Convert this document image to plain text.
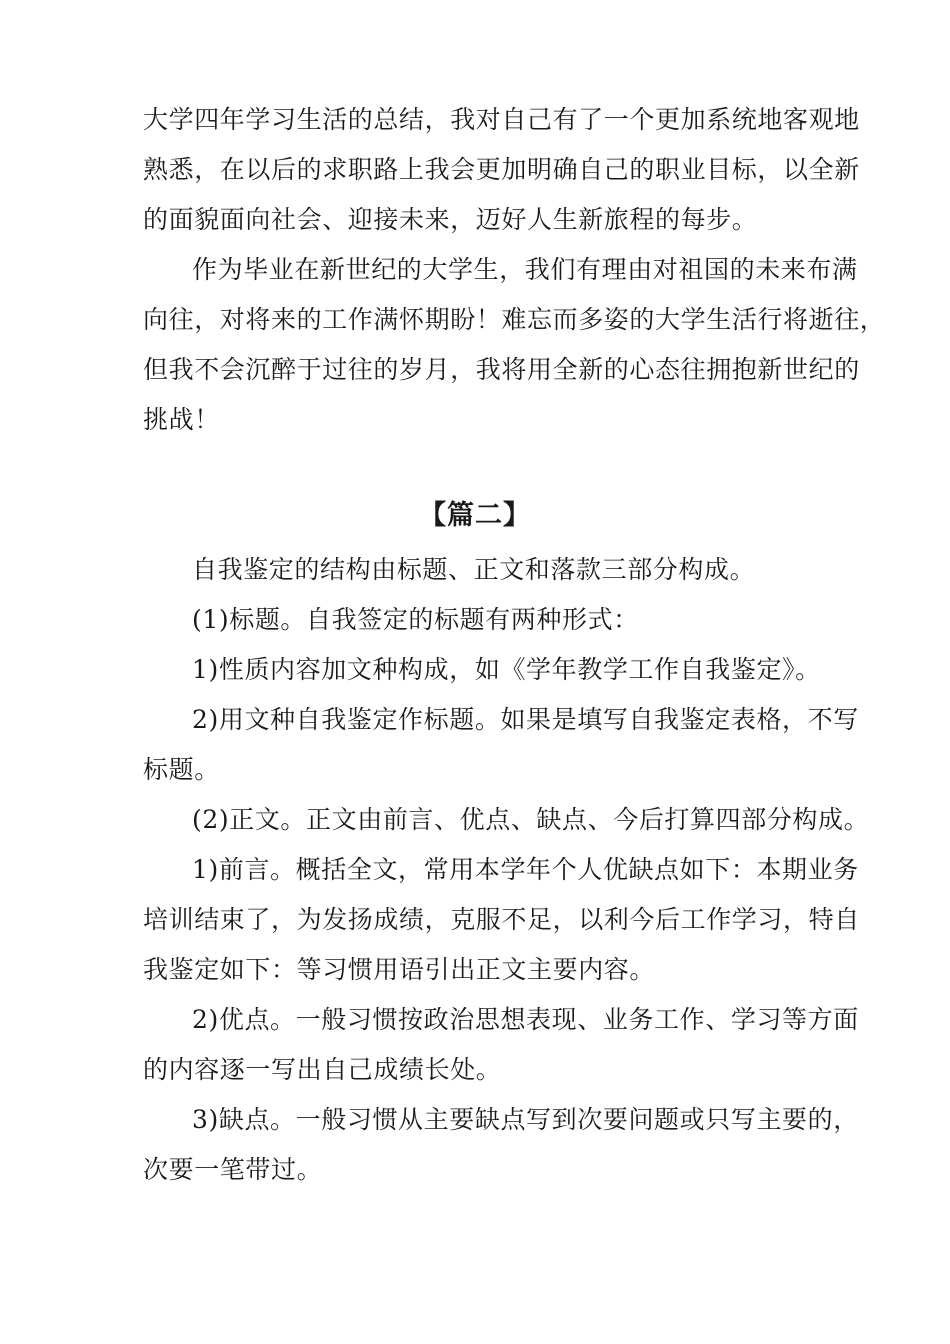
大学四年学习生活的总结，我对自己有了一个更加系统地客观地
熟悉，在以后的求职路上我会更加明确自己的职业目标，以全新
的面貌面向社会、迎接未来，迈好人生新旅程的每步。
作为毕业在新世纪的大学生，我们有理由对祖国的未来布满
向往，对将来的工作满怀期盼！难忘而多姿的大学生活行将逝往，
但我不会沉醉于过往的岁月，我将用全新的心态往拥抱新世纪的
挑战！
【篇二】
自我鉴定的结构由标题、正文和落款三部分构成。
(1)标题。自我签定的标题有两种形式：
1)性质内容加文种构成，如《学年教学工作自我鉴定》。
2)用文种自我鉴定作标题。如果是填写自我鉴定表格，不写
标题。
(2)正文。正文由前言、优点、缺点、今后打算四部分构成。
1)前言。概括全文，常用本学年个人优缺点如下：本期业务
培训结束了，为发扬成绩，克服不足，以利今后工作学习，特自
我鉴定如下：等习惯用语引出正文主要内容。
2)优点。一般习惯按政治思想表现、业务工作、学习等方面
的内容逐一写出自己成绩长处。
3)缺点。一般习惯从主要缺点写到次要问题或只写主要的，
次要一笔带过。
